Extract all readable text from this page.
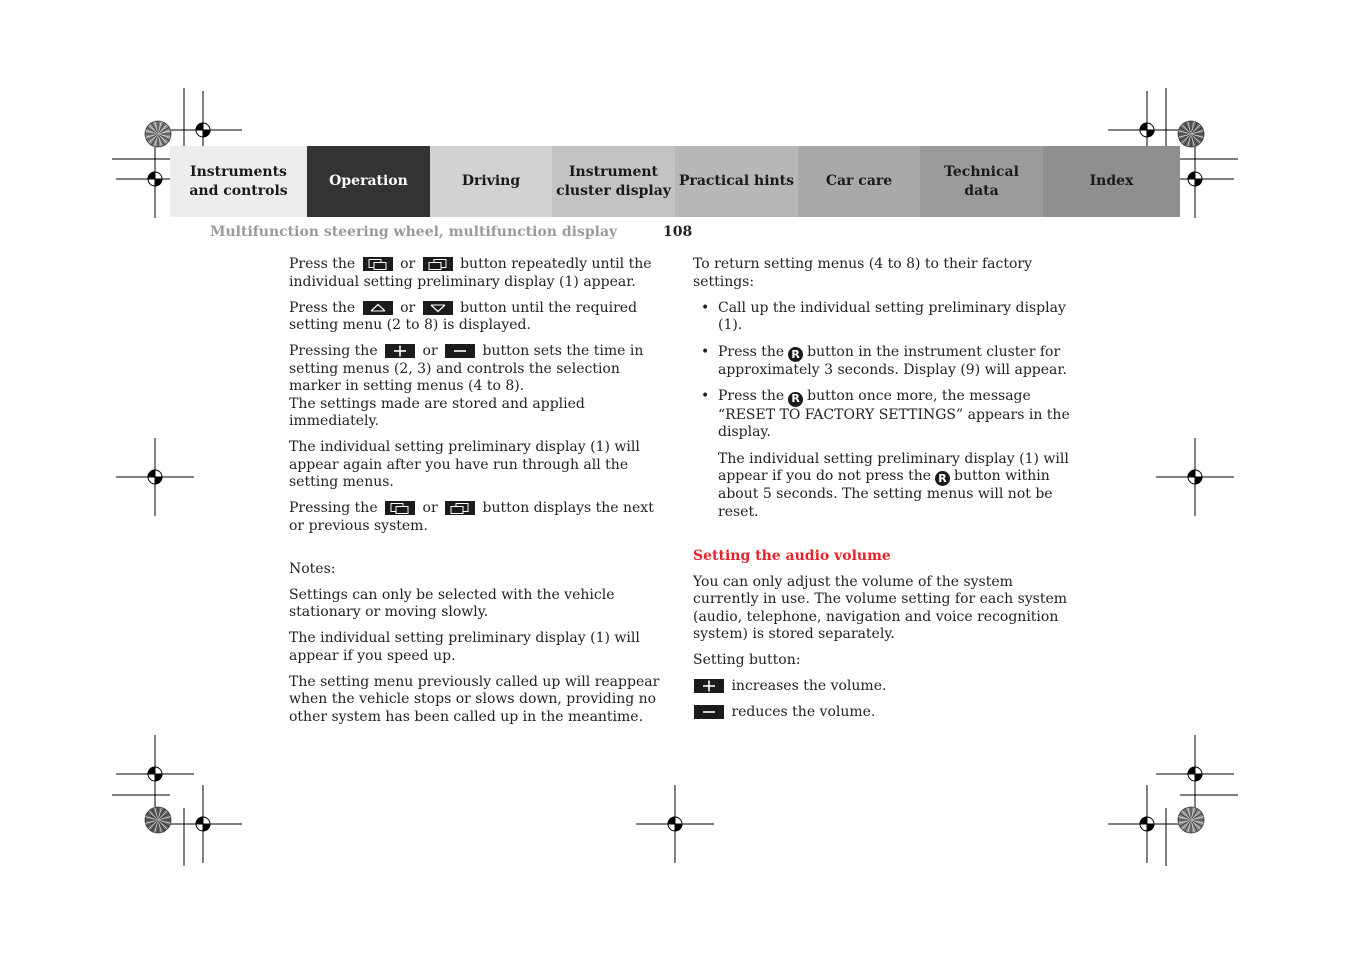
Instruments
and controls
Operation	Driving
Instrument
cluster display
Practical hints	Car care
Technical
data
Index
Multifunction steering wheel, multifunction display	108

Press the	or	button repeatedly until the individual setting preliminary display (1) appear.

Press the	or	button until the required setting menu (2 to 8) is displayed.

Pressing the	or	button sets the time in setting menus (2, 3) and controls the selection marker in setting menus (4 to 8).
The settings made are stored and applied immediately.

The individual setting preliminary display (1) will appear again after you have run through all the setting menus.

Pressing the	or	button displays the next or previous system.

Notes:

Settings can only be selected with the vehicle stationary or moving slowly.

The individual setting preliminary display (1) will appear if you speed up.

The setting menu previously called up will reappear when the vehicle stops or slows down, providing no other system has been called up in the meantime.

To return setting menus (4 to 8) to their factory settings:

• Call up the individual setting preliminary display (1).
• Press the R button in the instrument cluster for approximately 3 seconds. Display (9) will appear.
• Press the R button once more, the message “RESET TO FACTORY SETTINGS” appears in the display.

The individual setting preliminary display (1) will appear if you do not press the R button within about 5 seconds. The setting menus will not be reset.

Setting the audio volume

You can only adjust the volume of the system currently in use. The volume setting for each system (audio, telephone, navigation and voice recognition system) is stored separately.

Setting button:

increases the volume.

reduces the volume.
